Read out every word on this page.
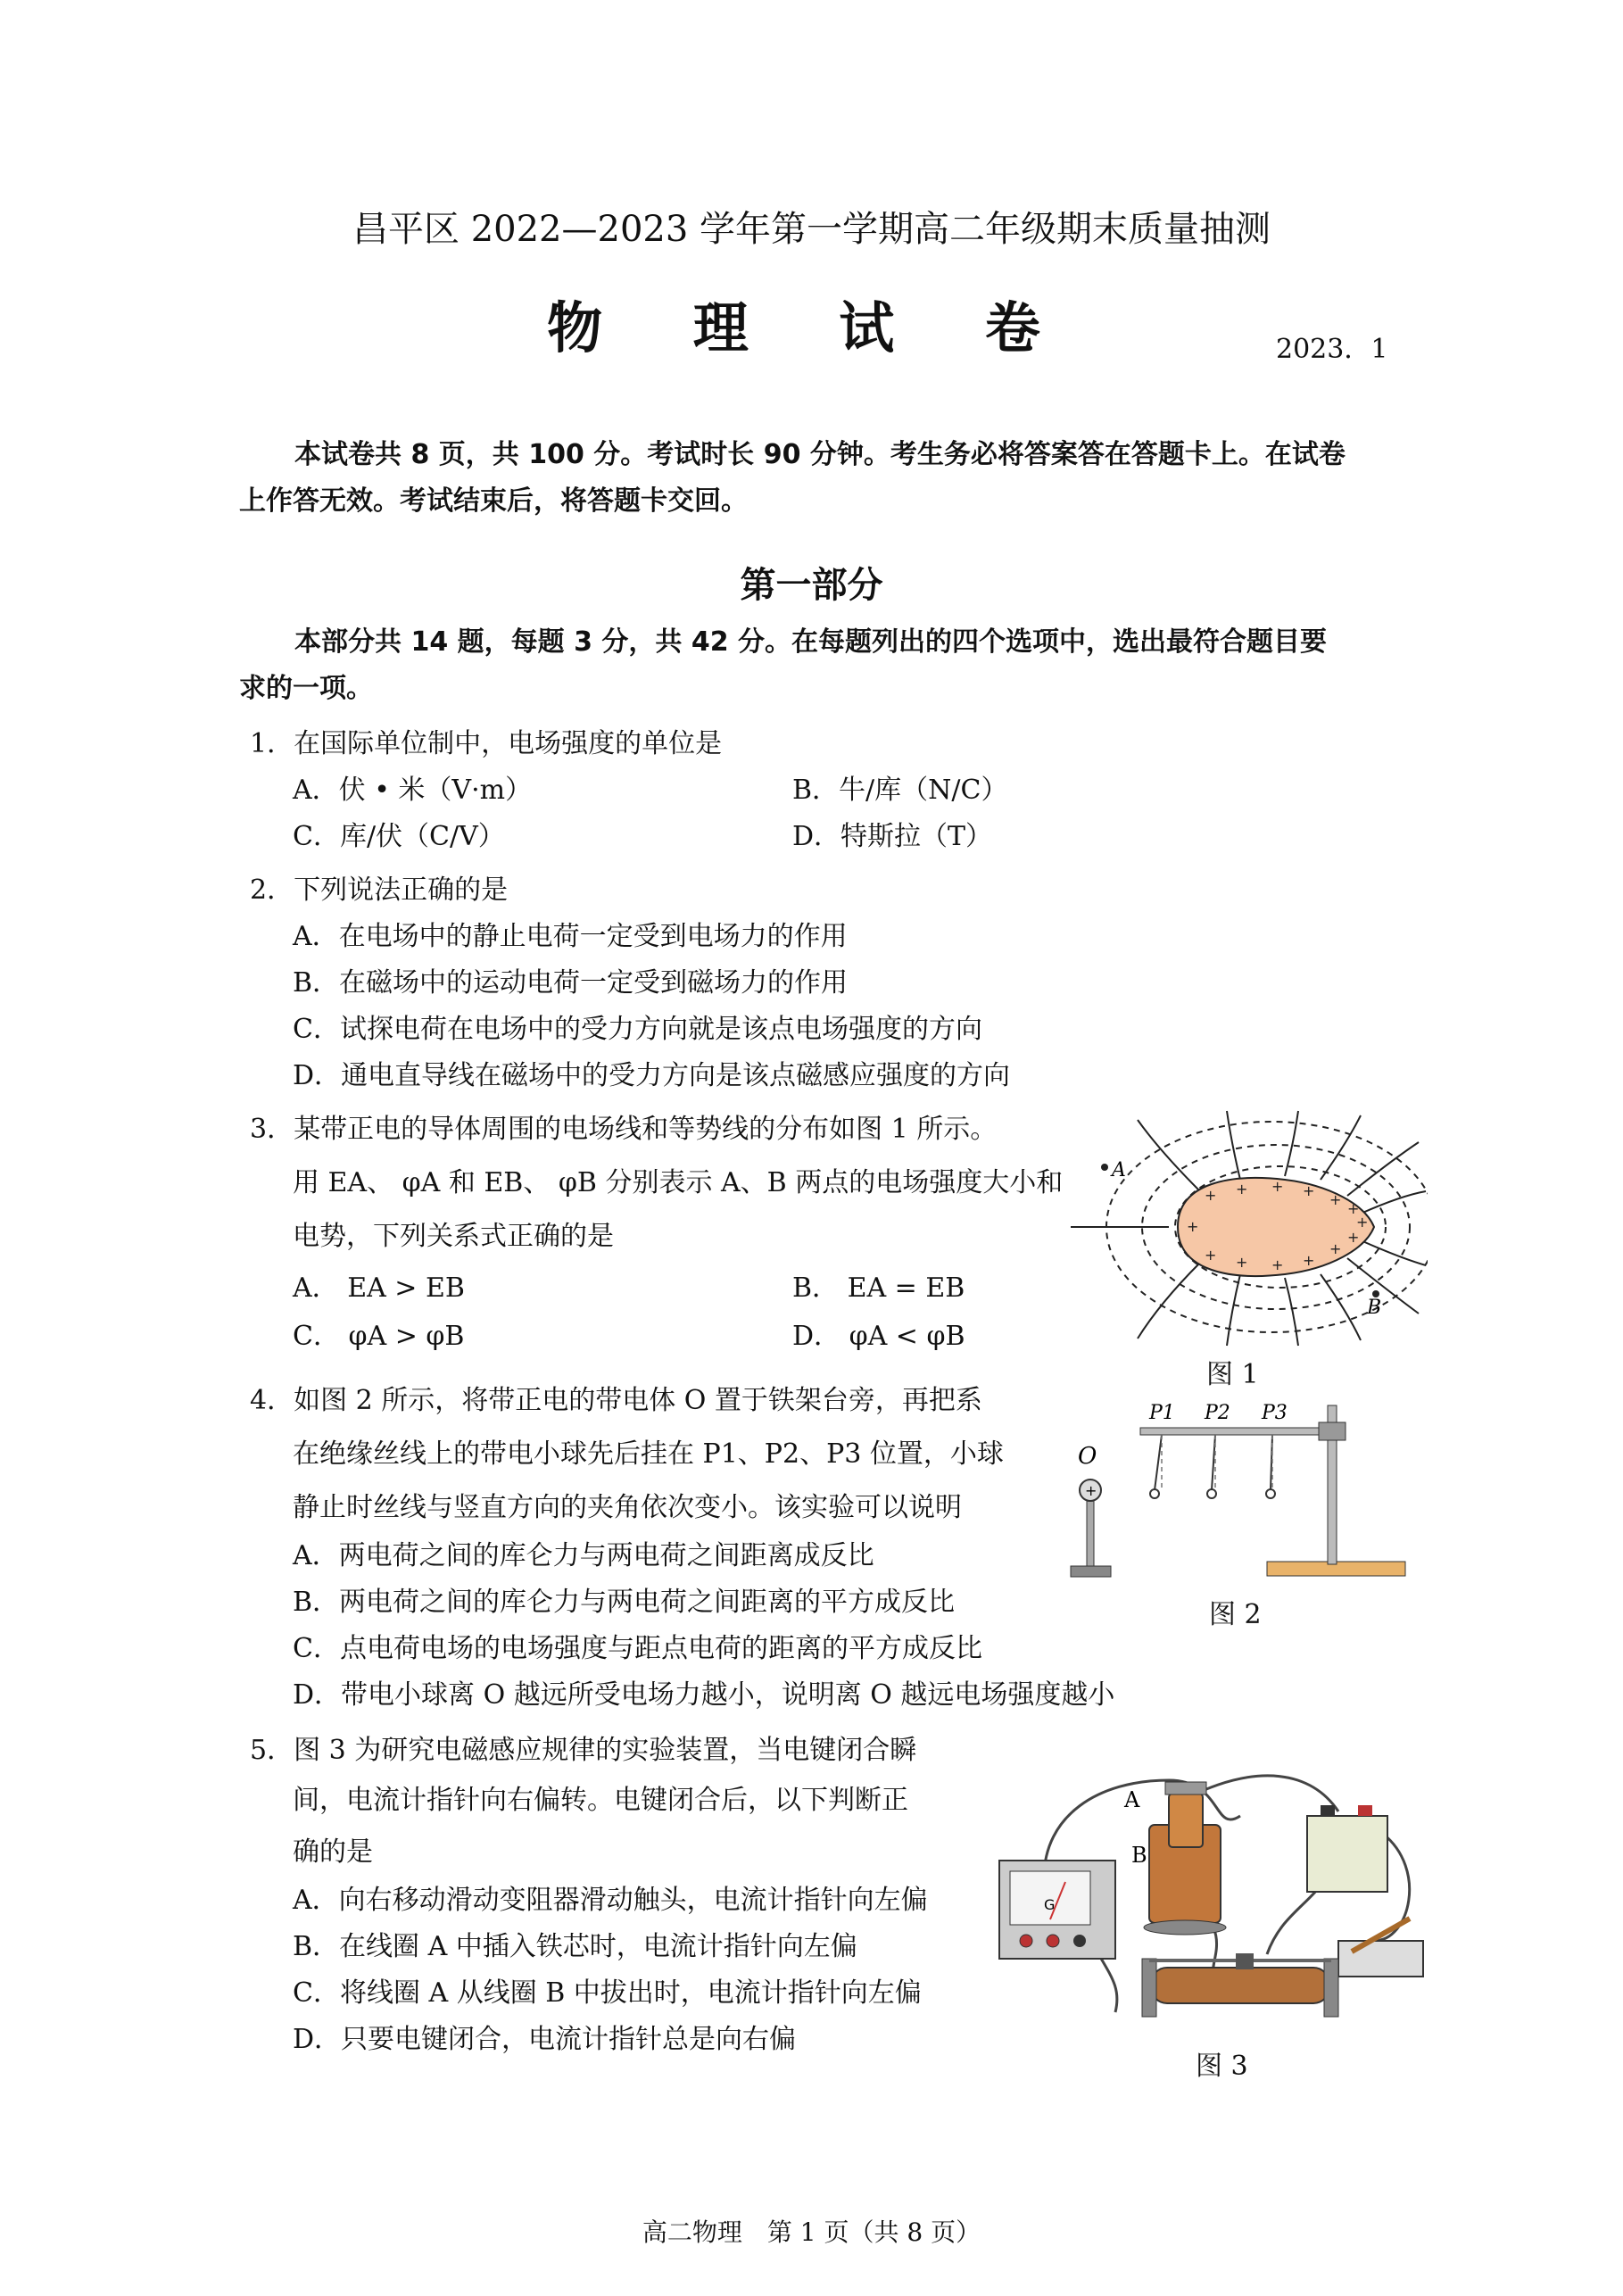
昌平区 2022—2023 学年第一学期高二年级期末质量抽测
物 理 试 卷	2023．1
本试卷共 8 页，共 100 分。考试时长 90 分钟。考生务必将答案答在答题卡上。在试卷
上作答无效。考试结束后，将答题卡交回。
第一部分
本部分共 14 题，每题 3 分，共 42 分。在每题列出的四个选项中，选出最符合题目要
求的一项。
1．在国际单位制中，电场强度的单位是
A．伏 • 米（V·m）	B．牛/库（N/C）
C．库/伏（C/V）	D．特斯拉（T）
2．下列说法正确的是
A．在电场中的静止电荷一定受到电场力的作用
B．在磁场中的运动电荷一定受到磁场力的作用
C．试探电荷在电场中的受力方向就是该点电场强度的方向
D．通电直导线在磁场中的受力方向是该点磁感应强度的方向
3．某带正电的导体周围的电场线和等势线的分布如图 1 所示。
用 EA、 φA 和 EB、 φB 分别表示 A、B 两点的电场强度大小和
电势，下列关系式正确的是
A． EA > EB	B． EA = EB
C． φA > φB	D． φA < φB
+ + + +
+
+
+
+
+
+
+
+
+
+
A
B
图 1
4．如图 2 所示，将带正电的带电体 O 置于铁架台旁，再把系
在绝缘丝线上的带电小球先后挂在 P1、P2、P3 位置，小球
静止时丝线与竖直方向的夹角依次变小。该实验可以说明
A．两电荷之间的库仑力与两电荷之间距离成反比
B．两电荷之间的库仑力与两电荷之间距离的平方成反比
C．点电荷电场的电场强度与距点电荷的距离的平方成反比
D．带电小球离 O 越远所受电场力越小，说明离 O 越远电场强度越小
+
O
P1 P2 P3
图 2
5．图 3 为研究电磁感应规律的实验装置，当电键闭合瞬
间，电流计指针向右偏转。电键闭合后，以下判断正
确的是
A．向右移动滑动变阻器滑动触头，电流计指针向左偏
B．在线圈 A 中插入铁芯时，电流计指针向左偏
C．将线圈 A 从线圈 B 中拔出时，电流计指针向左偏
D．只要电键闭合，电流计指针总是向右偏
G
A
B
图 3
高二物理　第 1 页（共 8 页）
